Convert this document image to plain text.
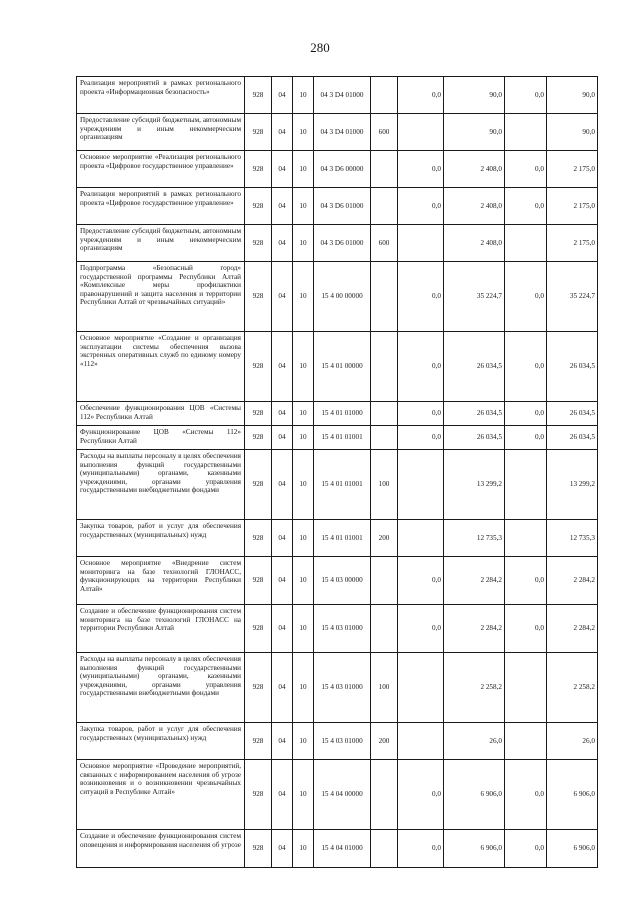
280
Реализация мероприятий в рамках регионального проекта «Информационная безопасность»	928	04	10	04 3 D4 01000		0,0	90,0	0,0	90,0
Предоставление субсидий бюджетным, автономным учреждениям и иным некоммерческим организациям	928	04	10	04 3 D4 01000	600		90,0		90,0
Основное мероприятие «Реализация регионального проекта «Цифровое государственное управление»	928	04	10	04 3 D6 00000		0,0	2 408,0	0,0	2 175,0
Реализация мероприятий в рамках регионального проекта «Цифровое государственное управление»	928	04	10	04 3 D6 01000		0,0	2 408,0	0,0	2 175,0
Предоставление субсидий бюджетным, автономным учреждениям и иным некоммерческим организациям	928	04	10	04 3 D6 01000	600		2 408,0		2 175,0
Подпрограмма «Безопасный город» государственной программы Республики Алтай «Комплексные меры профилактики правонарушений и защита населения и территории Республики Алтай от чрезвычайных ситуаций»	928	04	10	15 4 00 00000		0,0	35 224,7	0,0	35 224,7
Основное мероприятие «Создание и организация эксплуатации системы обеспечения вызова экстренных оперативных служб по единому номеру «112»	928	04	10	15 4 01 00000		0,0	26 034,5	0,0	26 034,5
Обеспечение функционирования ЦОВ «Системы 112» Республики Алтай	928	04	10	15 4 01 01000		0,0	26 034,5	0,0	26 034,5
Функционирование ЦОВ «Системы 112» Республики Алтай	928	04	10	15 4 01 01001		0,0	26 034,5	0,0	26 034,5
Расходы на выплаты персоналу в целях обеспечения выполнения функций государственными (муниципальными) органами, казенными учреждениями, органами управления государственными внебюджетными фондами	928	04	10	15 4 01 01001	100		13 299,2		13 299,2
Закупка товаров, работ и услуг для обеспечения государственных (муниципальных) нужд	928	04	10	15 4 01 01001	200		12 735,3		12 735,3
Основное мероприятие «Внедрение систем мониторинга на базе технологий ГЛОНАСС, функционирующих на территории Республики Алтай»	928	04	10	15 4 03 00000		0,0	2 284,2	0,0	2 284,2
Создание и обеспечение функционирования систем мониторинга на базе технологий ГЛОНАСС на территории Республики Алтай	928	04	10	15 4 03 01000		0,0	2 284,2	0,0	2 284,2
Расходы на выплаты персоналу в целях обеспечения выполнения функций государственными (муниципальными) органами, казенными учреждениями, органами управления государственными внебюджетными фондами	928	04	10	15 4 03 01000	100		2 258,2		2 258,2
Закупка товаров, работ и услуг для обеспечения государственных (муниципальных) нужд	928	04	10	15 4 03 01000	200		26,0		26,0
Основное мероприятие «Проведение мероприятий, связанных с информированием населения об угрозе возникновения и о возникновении чрезвычайных ситуаций в Республике Алтай»	928	04	10	15 4 04 00000		0,0	6 906,0	0,0	6 906,0
Создание и обеспечение функционирования систем оповещения и информирования населения об угрозе	928	04	10	15 4 04 01000		0,0	6 906,0	0,0	6 906,0
